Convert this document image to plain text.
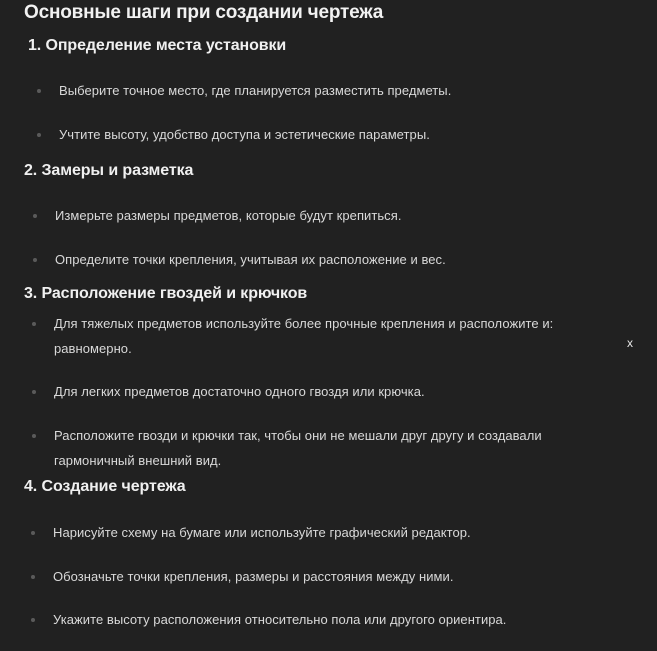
Основные шаги при создании чертежа
1. Определение места установки
Выберите точное место, где планируется разместить предметы.
Учтите высоту, удобство доступа и эстетические параметры.
2. Замеры и разметка
Измерьте размеры предметов, которые будут крепиться.
Определите точки крепления, учитывая их расположение и вес.
3. Расположение гвоздей и крючков
Для тяжелых предметов используйте более прочные крепления и расположите и:
равномерно.	x
Для легких предметов достаточно одного гвоздя или крючка.
Расположите гвозди и крючки так, чтобы они не мешали друг другу и создавали
гармоничный внешний вид.
4. Создание чертежа
Нарисуйте схему на бумаге или используйте графический редактор.
Обозначьте точки крепления, размеры и расстояния между ними.
Укажите высоту расположения относительно пола или другого ориентира.
